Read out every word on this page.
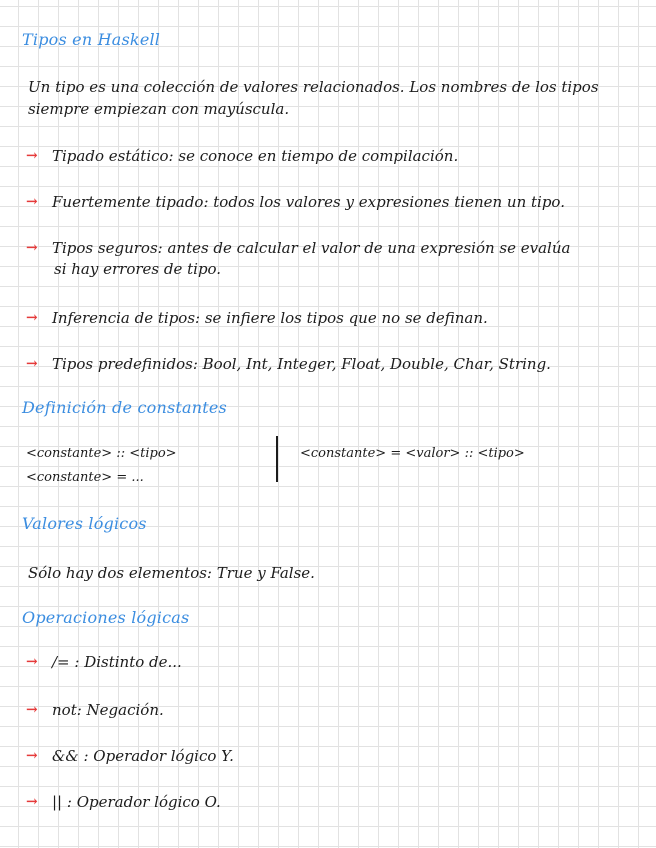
Tipos en Haskell
Un tipo es una colección de valores relacionados. Los nombres de los tipos
siempre empiezan con mayúscula.
→ Tipado estático: se conoce en tiempo de compilación.
→ Fuertemente tipado: todos los valores y expresiones tienen un tipo.
→ Tipos seguros: antes de calcular el valor de una expresión se evalúa
si hay errores de tipo.
→ Inferencia de tipos: se infiere los tipos que no se definan.
→ Tipos predefinidos: Bool, Int, Integer, Float, Double, Char, String.
Definición de constantes
<constante> :: <tipo>
<constante> = ...
<constante> = <valor> :: <tipo>
Valores lógicos
Sólo hay dos elementos: True y False.
Operaciones lógicas
→ /= : Distinto de...
→ not: Negación.
→ && : Operador lógico Y.
→ || : Operador lógico O.
